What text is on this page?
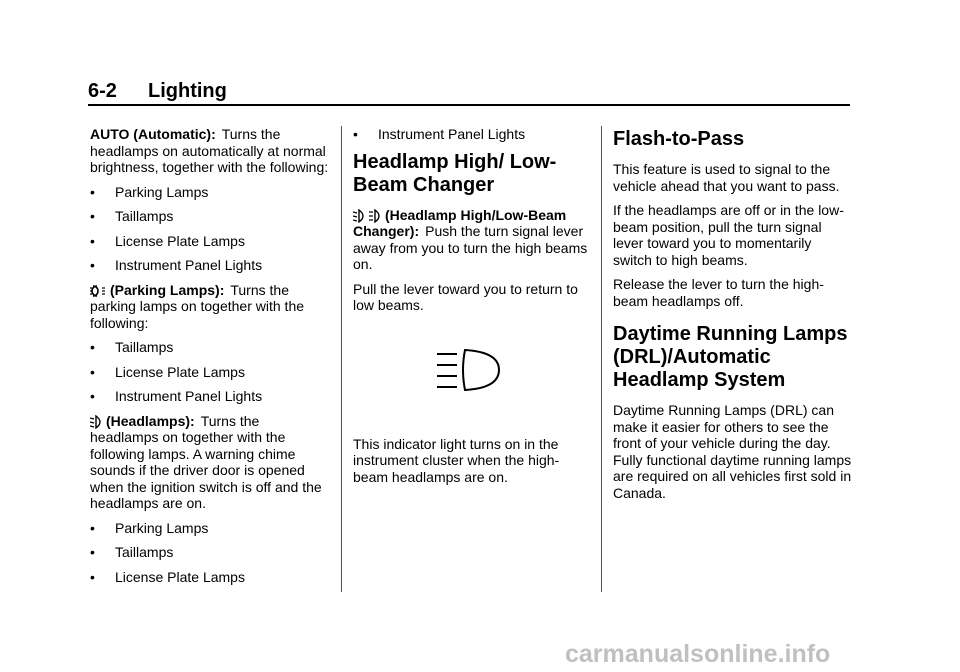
6-2 Lighting

AUTO (Automatic): Turns the headlamps on automatically at normal brightness, together with the following:

• Parking Lamps
• Taillamps
• License Plate Lamps
• Instrument Panel Lights

(Parking Lamps): Turns the parking lamps on together with the following:

• Taillamps
• License Plate Lamps
• Instrument Panel Lights

(Headlamps): Turns the headlamps on together with the following lamps. A warning chime sounds if the driver door is opened when the ignition switch is off and the headlamps are on.

• Parking Lamps
• Taillamps
• License Plate Lamps
• Instrument Panel Lights
Headlamp High/ Low-Beam Changer

(Headlamp High/Low-Beam Changer): Push the turn signal lever away from you to turn the high beams on.

Pull the lever toward you to return to low beams.

This indicator light turns on in the instrument cluster when the high-beam headlamps are on.

Flash-to-Pass

This feature is used to signal to the vehicle ahead that you want to pass.

If the headlamps are off or in the low-beam position, pull the turn signal lever toward you to momentarily switch to high beams.

Release the lever to turn the high-beam headlamps off.

Daytime Running Lamps (DRL)/Automatic Headlamp System

Daytime Running Lamps (DRL) can make it easier for others to see the front of your vehicle during the day. Fully functional daytime running lamps are required on all vehicles first sold in Canada.

carmanualsonline.info
